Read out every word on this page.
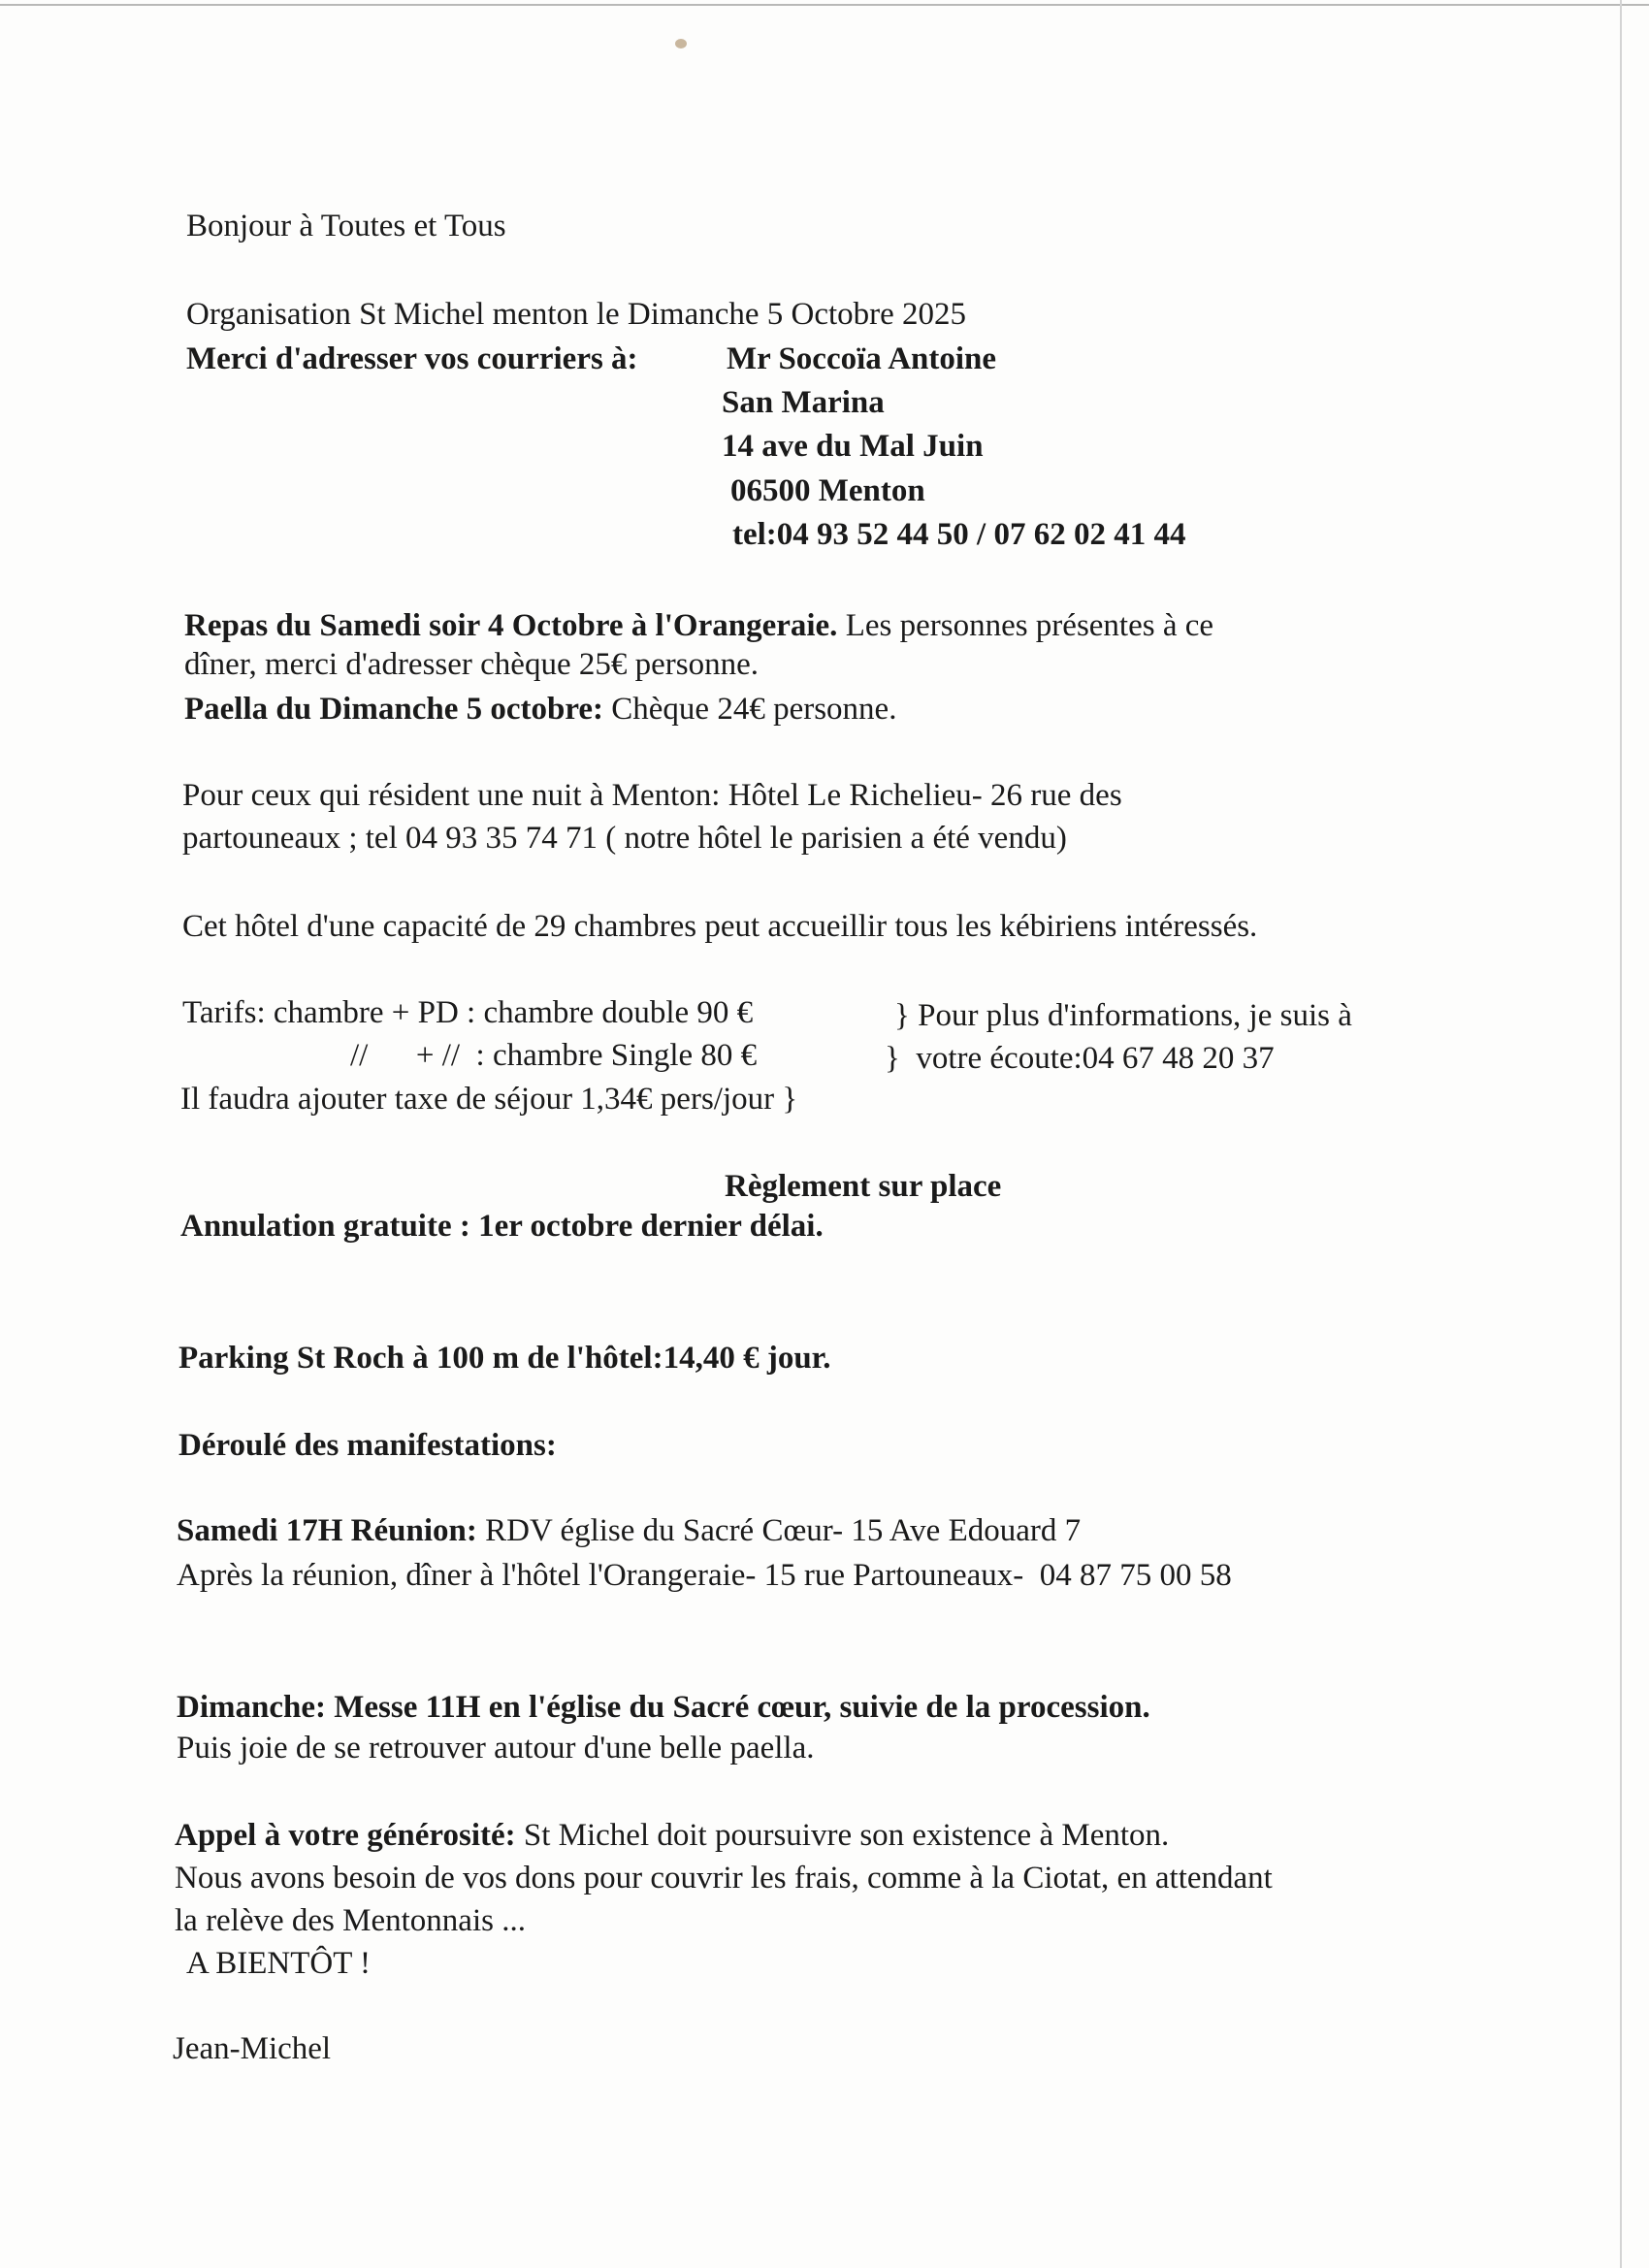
Bonjour à Toutes et Tous

Organisation St Michel menton le Dimanche 5 Octobre 2025

Merci d'adresser vos courriers à:	Mr Soccoïa Antoine

San Marina

14 ave du Mal Juin

06500 Menton

tel:04 93 52 44 50 / 07 62 02 41 44

Repas du Samedi soir 4 Octobre à l'Orangeraie. Les personnes présentes à ce

dîner, merci d'adresser chèque 25€ personne.

Paella du Dimanche 5 octobre: Chèque 24€ personne.

Pour ceux qui résident une nuit à Menton: Hôtel Le Richelieu- 26 rue des

partouneaux ; tel 04 93 35 74 71 ( notre hôtel le parisien a été vendu)

Cet hôtel d'une capacité de 29 chambres peut accueillir tous les kébiriens intéressés.

Tarifs: chambre + PD : chambre double 90 €	} Pour plus d'informations, je suis à

//      + //  : chambre Single 80 €	}  votre écoute:04 67 48 20 37

Il faudra ajouter taxe de séjour 1,34€ pers/jour }

Règlement sur place

Annulation gratuite : 1er octobre dernier délai.

Parking St Roch à 100 m de l'hôtel:14,40 € jour.

Déroulé des manifestations:

Samedi 17H Réunion: RDV église du Sacré Cœur- 15 Ave Edouard 7

Après la réunion, dîner à l'hôtel l'Orangeraie- 15 rue Partouneaux-  04 87 75 00 58

Dimanche: Messe 11H en l'église du Sacré cœur, suivie de la procession.

Puis joie de se retrouver autour d'une belle paella.

Appel à votre générosité: St Michel doit poursuivre son existence à Menton.

Nous avons besoin de vos dons pour couvrir les frais, comme à la Ciotat, en attendant

la relève des Mentonnais ...

A BIENTÔT !

Jean-Michel
